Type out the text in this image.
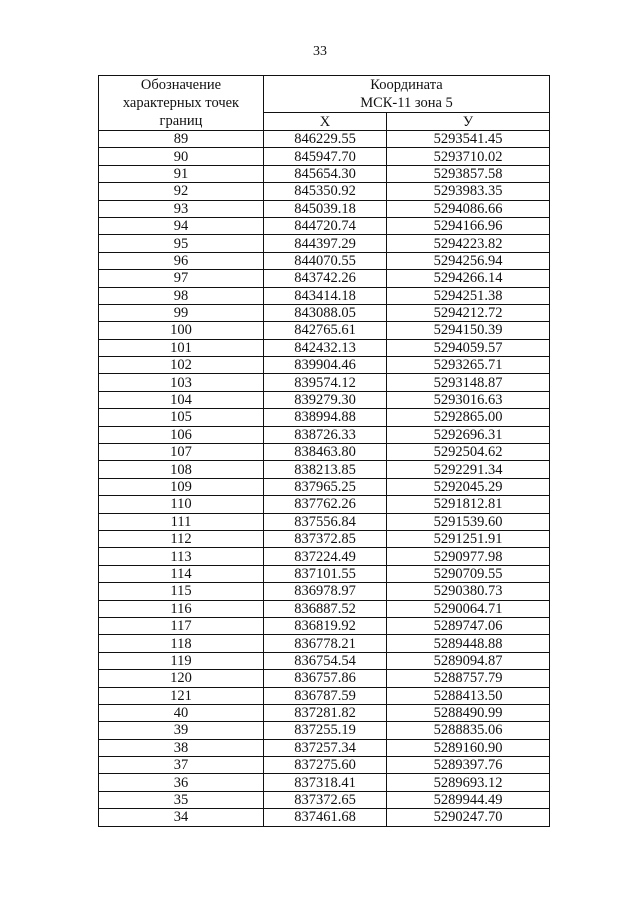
33
Обозначение
характерных точек
границ	Координата
МСК-11 зона 5	
	X	У
89	846229.55	5293541.45
90	845947.70	5293710.02
91	845654.30	5293857.58
92	845350.92	5293983.35
93	845039.18	5294086.66
94	844720.74	5294166.96
95	844397.29	5294223.82
96	844070.55	5294256.94
97	843742.26	5294266.14
98	843414.18	5294251.38
99	843088.05	5294212.72
100	842765.61	5294150.39
101	842432.13	5294059.57
102	839904.46	5293265.71
103	839574.12	5293148.87
104	839279.30	5293016.63
105	838994.88	5292865.00
106	838726.33	5292696.31
107	838463.80	5292504.62
108	838213.85	5292291.34
109	837965.25	5292045.29
110	837762.26	5291812.81
111	837556.84	5291539.60
112	837372.85	5291251.91
113	837224.49	5290977.98
114	837101.55	5290709.55
115	836978.97	5290380.73
116	836887.52	5290064.71
117	836819.92	5289747.06
118	836778.21	5289448.88
119	836754.54	5289094.87
120	836757.86	5288757.79
121	836787.59	5288413.50
40	837281.82	5288490.99
39	837255.19	5288835.06
38	837257.34	5289160.90
37	837275.60	5289397.76
36	837318.41	5289693.12
35	837372.65	5289944.49
34	837461.68	5290247.70
